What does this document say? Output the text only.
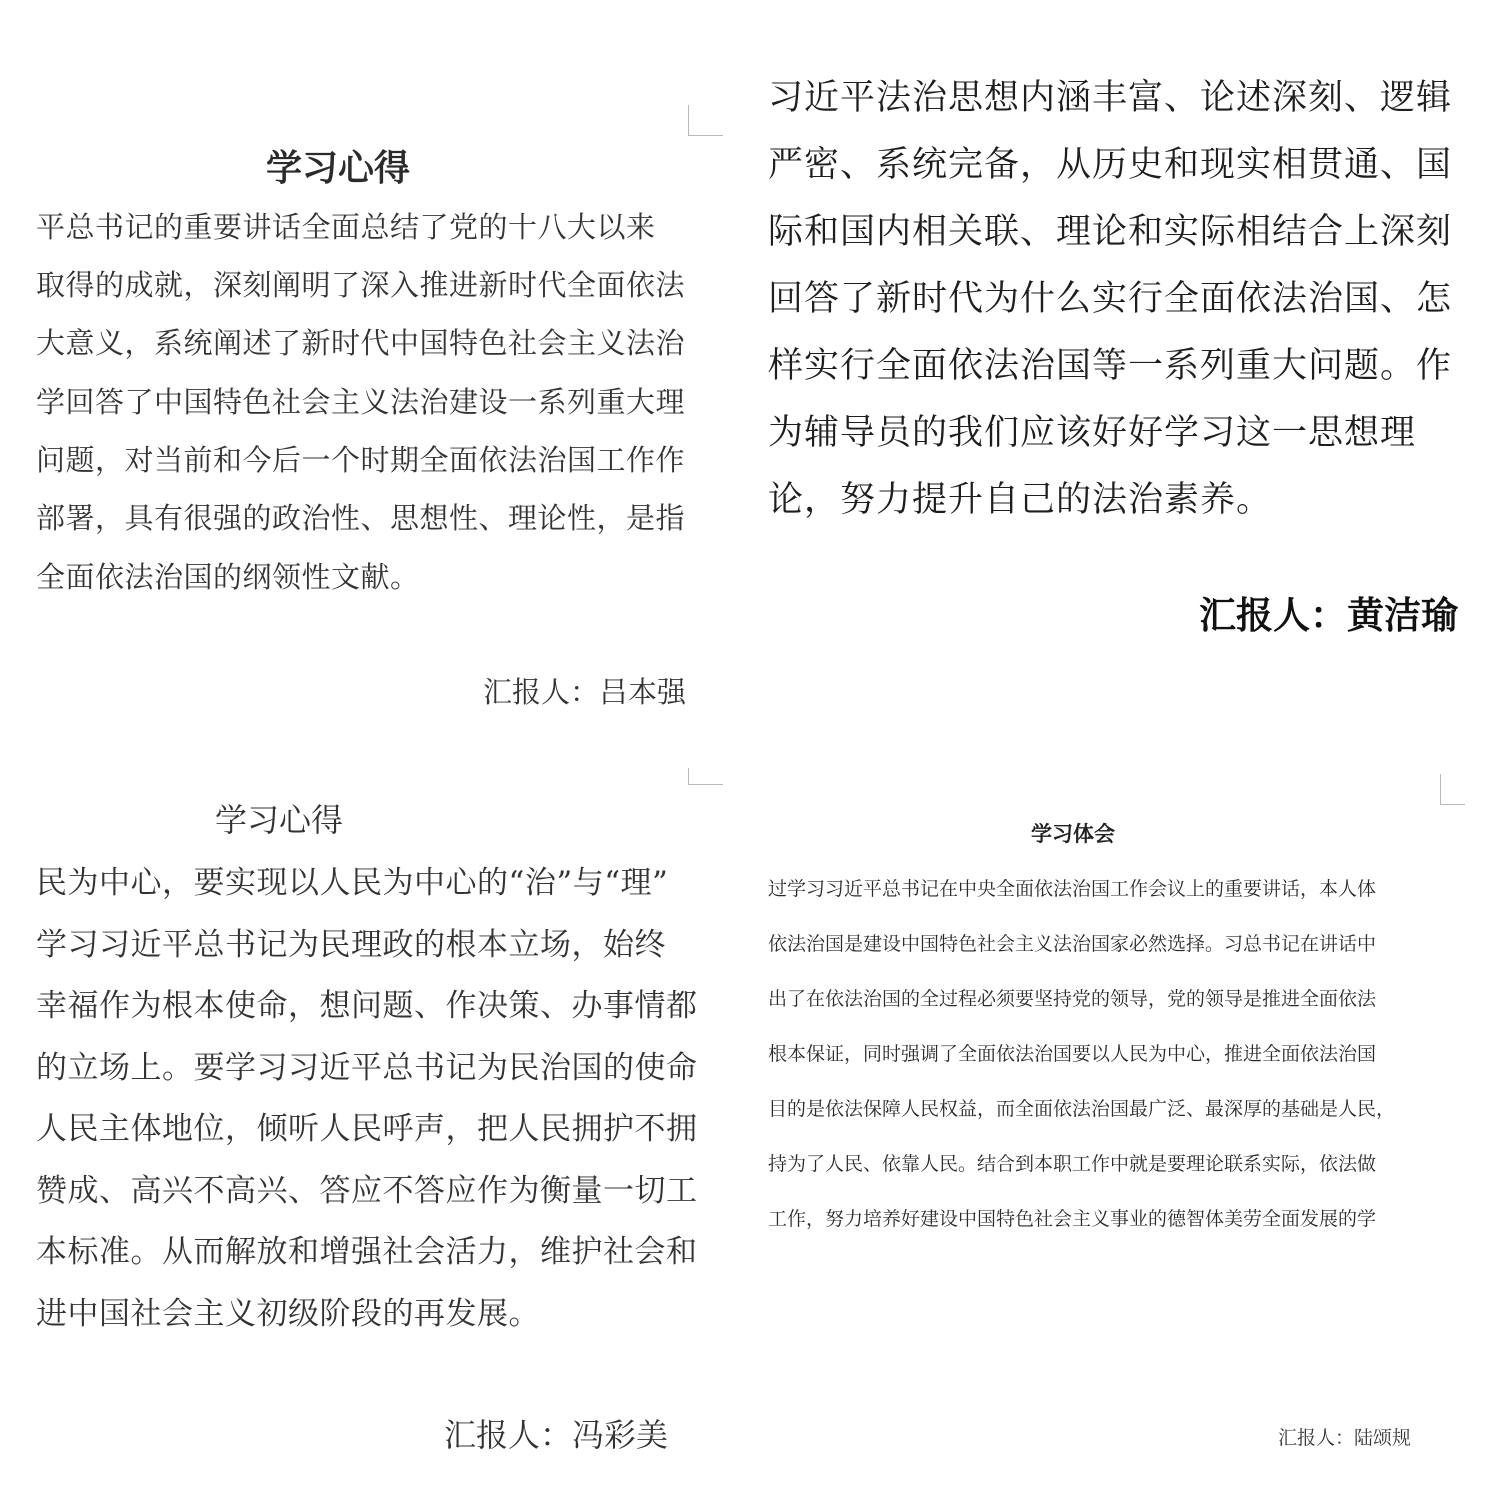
学习心得
平总书记的重要讲话全面总结了党的十八大以来
取得的成就，深刻阐明了深入推进新时代全面依法
大意义，系统阐述了新时代中国特色社会主义法治
学回答了中国特色社会主义法治建设一系列重大理
问题，对当前和今后一个时期全面依法治国工作作
部署，具有很强的政治性、思想性、理论性，是指
全面依法治国的纲领性文献。
汇报人：吕本强
习近平法治思想内涵丰富、论述深刻、逻辑
严密、系统完备，从历史和现实相贯通、国
际和国内相关联、理论和实际相结合上深刻
回答了新时代为什么实行全面依法治国、怎
样实行全面依法治国等一系列重大问题。作
为辅导员的我们应该好好学习这一思想理
论，努力提升自己的法治素养。
汇报人：黄洁瑜
学习心得
民为中心，要实现以人民为中心的“治”与“理”
学习习近平总书记为民理政的根本立场，始终
幸福作为根本使命，想问题、作决策、办事情都
的立场上。要学习习近平总书记为民治国的使命
人民主体地位，倾听人民呼声，把人民拥护不拥
赞成、高兴不高兴、答应不答应作为衡量一切工
本标准。从而解放和增强社会活力，维护社会和
进中国社会主义初级阶段的再发展。
汇报人：冯彩美
学习体会
过学习习近平总书记在中央全面依法治国工作会议上的重要讲话，本人体
依法治国是建设中国特色社会主义法治国家必然选择。习总书记在讲话中
出了在依法治国的全过程必须要坚持党的领导，党的领导是推进全面依法
根本保证，同时强调了全面依法治国要以人民为中心，推进全面依法治国
目的是依法保障人民权益，而全面依法治国最广泛、最深厚的基础是人民，
持为了人民、依靠人民。结合到本职工作中就是要理论联系实际，依法做
工作，努力培养好建设中国特色社会主义事业的德智体美劳全面发展的学
汇报人：陆颂规
